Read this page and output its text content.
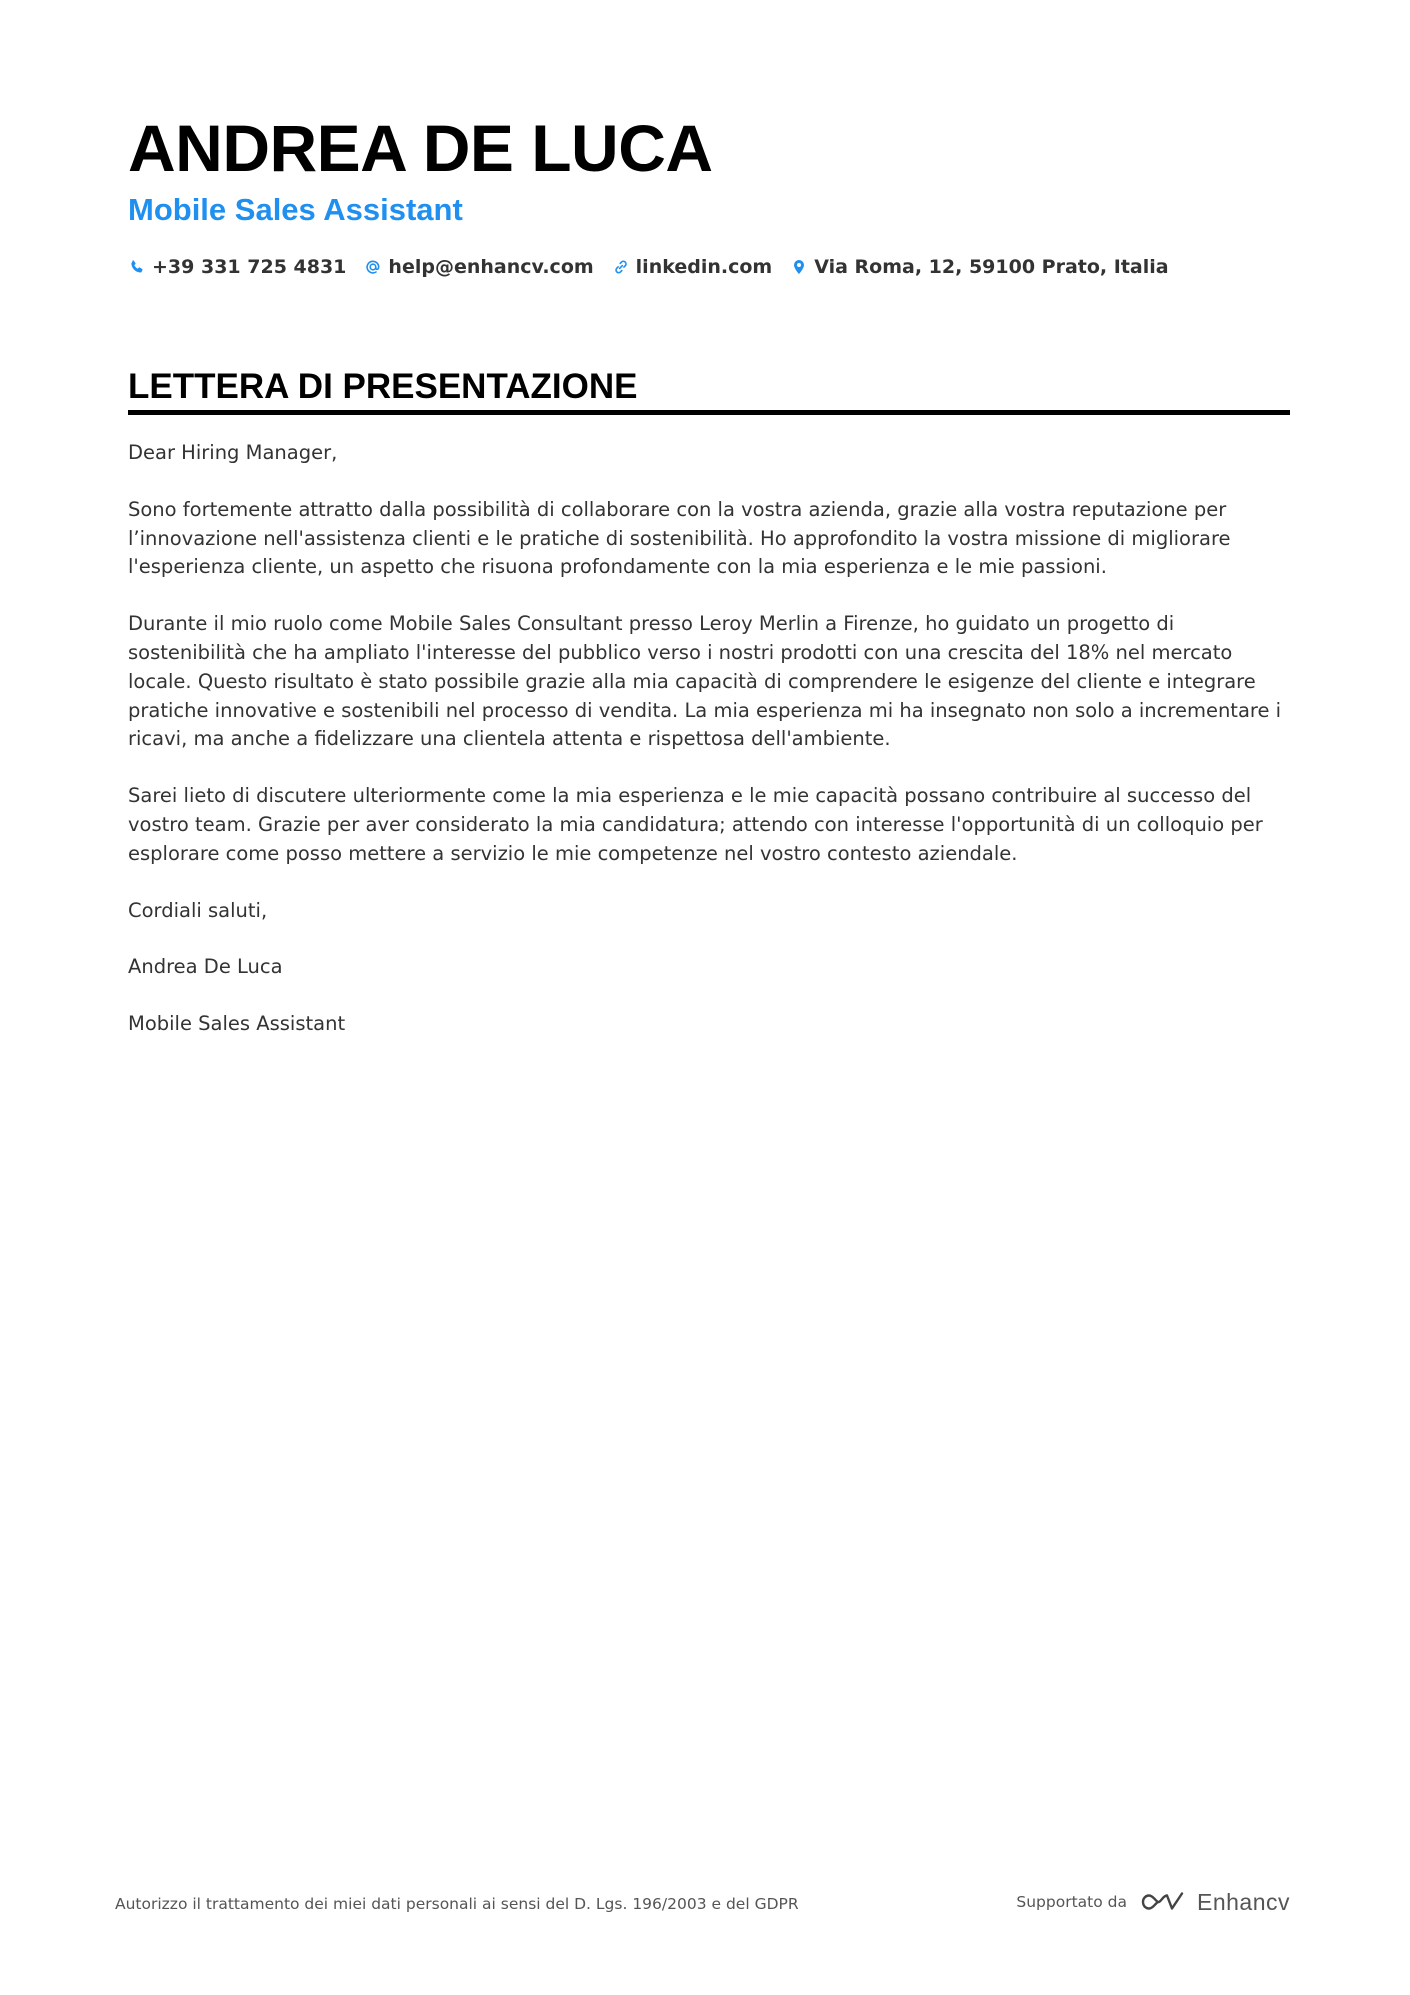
ANDREA DE LUCA
Mobile Sales Assistant
+39 331 725 4831 help@enhancv.com linkedin.com Via Roma, 12, 59100 Prato, Italia
LETTERA DI PRESENTAZIONE

Dear Hiring Manager,

Sono fortemente attratto dalla possibilità di collaborare con la vostra azienda, grazie alla vostra reputazione per l’innovazione nell'assistenza clienti e le pratiche di sostenibilità. Ho approfondito la vostra missione di migliorare l'esperienza cliente, un aspetto che risuona profondamente con la mia esperienza e le mie passioni.

Durante il mio ruolo come Mobile Sales Consultant presso Leroy Merlin a Firenze, ho guidato un progetto di sostenibilità che ha ampliato l'interesse del pubblico verso i nostri prodotti con una crescita del 18% nel mercato locale. Questo risultato è stato possibile grazie alla mia capacità di comprendere le esigenze del cliente e integrare pratiche innovative e sostenibili nel processo di vendita. La mia esperienza mi ha insegnato non solo a incrementare i ricavi, ma anche a fidelizzare una clientela attenta e rispettosa dell'ambiente.

Sarei lieto di discutere ulteriormente come la mia esperienza e le mie capacità possano contribuire al successo del vostro team. Grazie per aver considerato la mia candidatura; attendo con interesse l'opportunità di un colloquio per esplorare come posso mettere a servizio le mie competenze nel vostro contesto aziendale.

Cordiali saluti,

Andrea De Luca

Mobile Sales Assistant

Autorizzo il trattamento dei miei dati personali ai sensi del D. Lgs. 196/2003 e del GDPR	Supportato da	Enhancv
